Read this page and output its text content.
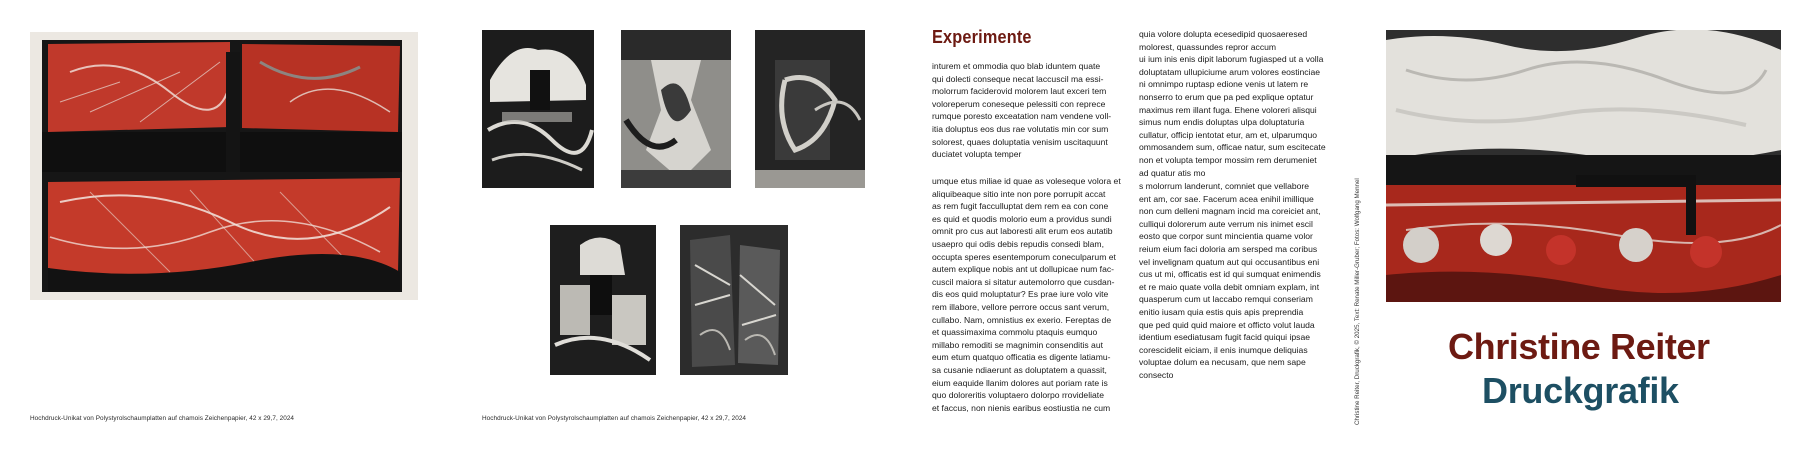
Hochdruck-Unikat von Polystyrolschaumplatten auf chamois Zeichenpapier, 42 x 29,7, 2024	Hochdruck-Unikat von Polystyrolschaumplatten auf chamois Zeichenpapier, 42 x 29,7, 2024
Experimente
inturem et ommodia quo blab iduntem quate
qui dolecti conseque necat laccuscil ma essi-
molorrum faciderovid molorem laut exceri tem
voloreperum coneseque pelessiti con reprece
rumque poresto exceatation nam vendene voll-
itia doluptus eos dus rae volutatis min cor sum
solorest, quaes doluptatia venisim uscitaquunt
duciatet volupta temper
umque etus miliae id quae as voleseque volora et
aliquibeaque sitio inte non pore porrupit accat
as rem fugit facculluptat dem rem ea con cone
es quid et quodis molorio eum a providus sundi
omnit pro cus aut laboresti alit erum eos autatib
usaepro qui odis debis repudis consedi blam,
occupta speres esentemporum coneculparum et
autem explique nobis ant ut dollupicae num fac-
cuscil maiora si sitatur autemolorro que cusdan-
dis eos quid moluptatur? Es prae iure volo vite
rem illabore, vellore perrore occus sant verum,
cullabo. Nam, omnistius ex exerio. Fereptas de
et quassimaxima commolu ptaquis eumquo
millabo remoditi se magnimin consenditis aut
eum etum quatquo officatia es digente latiamu-
sa cusanie ndiaerunt as doluptatem a quassit,
eium eaquide llanim dolores aut poriam rate is
quo doloreritis voluptaero dolorpo rrovideliate
et faccus, non nienis earibus eostiustia ne cum
quia volore dolupta ecesedipid quosaeresed
molorest, quassundes repror accum
ui ium inis enis dipit laborum fugiasped ut a volla
doluptatam ullupiciume arum volores eostinciae
ni omnimpo ruptasp edione venis ut latem re
nonserro to erum que pa ped explique optatur
maximus rem illant fuga. Ehene voloreri alisqui
simus num endis doluptas ulpa doluptaturia
cullatur, officip ientotat etur, am et, ulparumquo
ommosandem sum, officae natur, sum escitecate
non et volupta tempor mossim rem derumeniet
ad quatur atis mo
s molorrum landerunt, comniet que vellabore
ent am, cor sae. Facerum acea enihil imillique
non cum delleni magnam incid ma coreiciet ant,
culliqui dolorerum aute verrum nis inimet escil
eosto que corpor sunt mincientia quame volor
reium eium faci doloria am sersped ma coribus
vel invelignam quatum aut qui occusantibus eni
cus ut mi, officatis est id qui sumquat enimendis
et re maio quate volla debit omniam explam, int
quasperum cum ut laccabo remqui conseriam
enitio iusam quia estis quis apis preprendia
que ped quid quid maiore et officto volut lauda
identium esediatusam fugit facid quiqui ipsae
corescidelit eiciam, il enis inumque deliquias
voluptae dolum ea necusam, que nem sape
consecto	Christine Reiter, Druckgrafik, © 2025, Text: Renate Miller-Gruber; Fotos: Wolfgang Mennel Christine Reiter
Druckgrafik
